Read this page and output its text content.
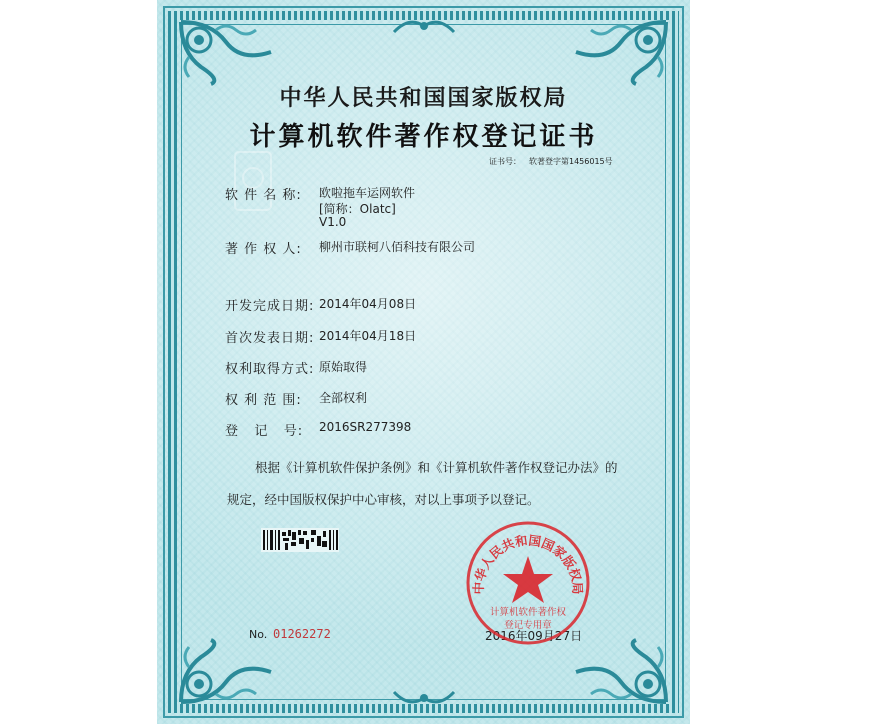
中华人民共和国国家版权局
计算机软件著作权登记证书
证书号： 软著登字第1456015号
软 件 名 称: 欧啦拖车运网软件
[简称：Olatc]
V1.0
著 作 权 人: 柳州市联柯八佰科技有限公司
开发完成日期: 2014年04月08日
首次发表日期: 2014年04月18日
权利取得方式: 原始取得
权 利 范 围: 全部权利
登   记   号: 2016SR277398
根据《计算机软件保护条例》和《计算机软件著作权登记办法》的
规定，经中国版权保护中心审核，对以上事项予以登记。
No. 01262272	2016年09月27日
中华人民共和国国家版权局
计算机软件著作权
登记专用章
